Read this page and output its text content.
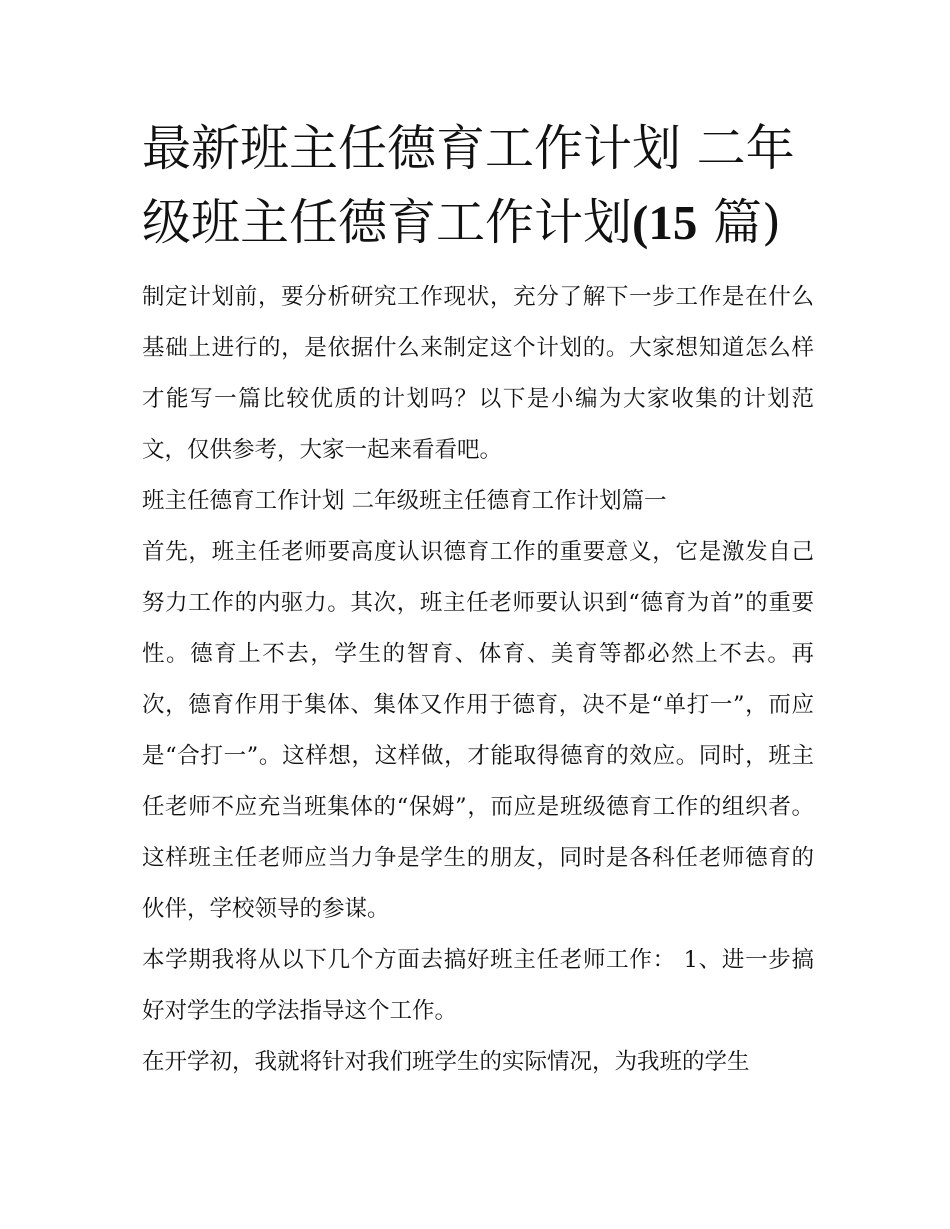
最新班主任德育工作计划 二年级班主任德育工作计划(15 篇)

制定计划前，要分析研究工作现状，充分了解下一步工作是在什么基础上进行的，是依据什么来制定这个计划的。大家想知道怎么样才能写一篇比较优质的计划吗？以下是小编为大家收集的计划范文，仅供参考，大家一起来看看吧。

班主任德育工作计划 二年级班主任德育工作计划篇一

首先，班主任老师要高度认识德育工作的重要意义，它是激发自己努力工作的内驱力。其次，班主任老师要认识到“德育为首”的重要性。德育上不去，学生的智育、体育、美育等都必然上不去。再次，德育作用于集体、集体又作用于德育，决不是“单打一”，而应是“合打一”。这样想，这样做，才能取得德育的效应。同时，班主任老师不应充当班集体的“保姆”，而应是班级德育工作的组织者。这样班主任老师应当力争是学生的朋友，同时是各科任老师德育的伙伴，学校领导的参谋。

本学期我将从以下几个方面去搞好班主任老师工作： 1、进一步搞好对学生的学法指导这个工作。

在开学初，我就将针对我们班学生的实际情况，为我班的学生
